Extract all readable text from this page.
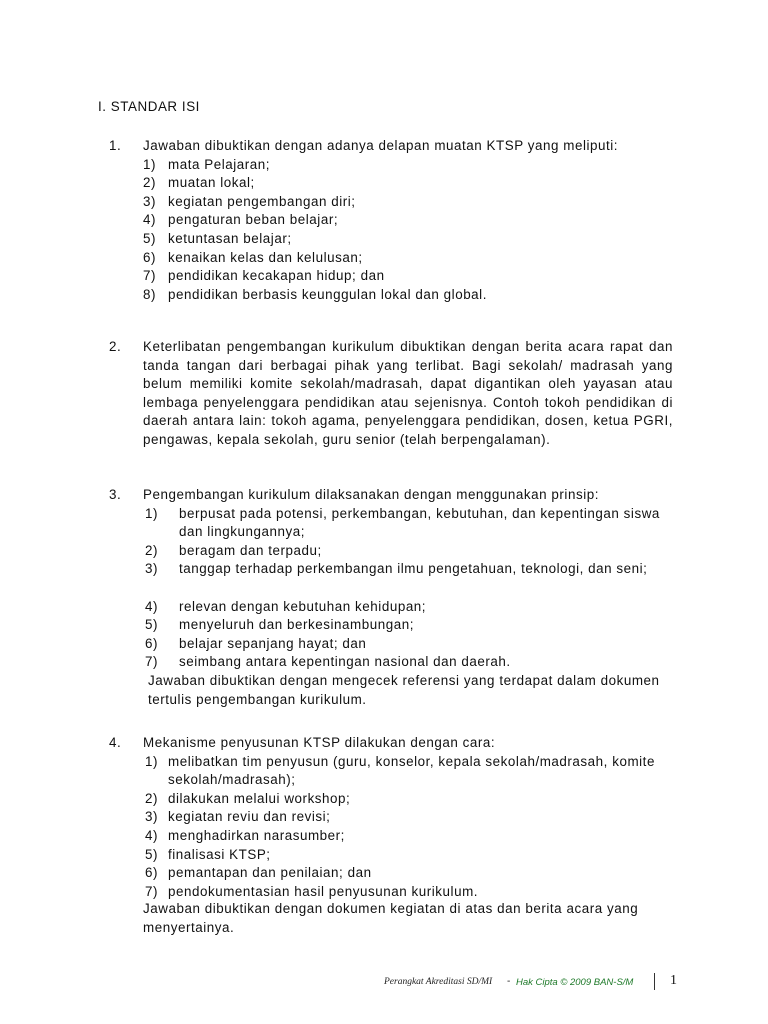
I. STANDAR ISI
1. Jawaban dibuktikan dengan adanya delapan muatan KTSP yang meliputi:
1) mata Pelajaran;
2) muatan lokal;
3) kegiatan pengembangan diri;
4) pengaturan beban belajar;
5) ketuntasan belajar;
6) kenaikan kelas dan kelulusan;
7) pendidikan kecakapan hidup; dan
8) pendidikan berbasis keunggulan lokal dan global.
2. Keterlibatan pengembangan kurikulum dibuktikan dengan berita acara rapat dan tanda tangan dari berbagai pihak yang terlibat. Bagi sekolah/ madrasah yang belum memiliki komite sekolah/madrasah, dapat digantikan oleh yayasan atau lembaga penyelenggara pendidikan atau sejenisnya. Contoh tokoh pendidikan di daerah antara lain: tokoh agama, penyelenggara pendidikan, dosen, ketua PGRI, pengawas, kepala sekolah, guru senior (telah berpengalaman).
3. Pengembangan kurikulum dilaksanakan dengan menggunakan prinsip:
1) berpusat pada potensi, perkembangan, kebutuhan, dan kepentingan siswa dan lingkungannya;
2) beragam dan terpadu;
3) tanggap terhadap perkembangan ilmu pengetahuan, teknologi, dan seni;
4) relevan dengan kebutuhan kehidupan;
5) menyeluruh dan berkesinambungan;
6) belajar sepanjang hayat; dan
7) seimbang antara kepentingan nasional dan daerah.
Jawaban dibuktikan dengan mengecek referensi yang terdapat dalam dokumen tertulis pengembangan kurikulum.
4. Mekanisme penyusunan KTSP dilakukan dengan cara:
1) melibatkan tim penyusun (guru, konselor, kepala sekolah/madrasah, komite sekolah/madrasah);
2) dilakukan melalui workshop;
3) kegiatan reviu dan revisi;
4) menghadirkan narasumber;
5) finalisasi KTSP;
6) pemantapan dan penilaian; dan
7) pendokumentasian hasil penyusunan kurikulum.
Jawaban dibuktikan dengan dokumen kegiatan di atas dan berita acara yang menyertainya.
Perangkat Akreditasi SD/MI - Hak Cipta © 2009 BAN-S/M	1
